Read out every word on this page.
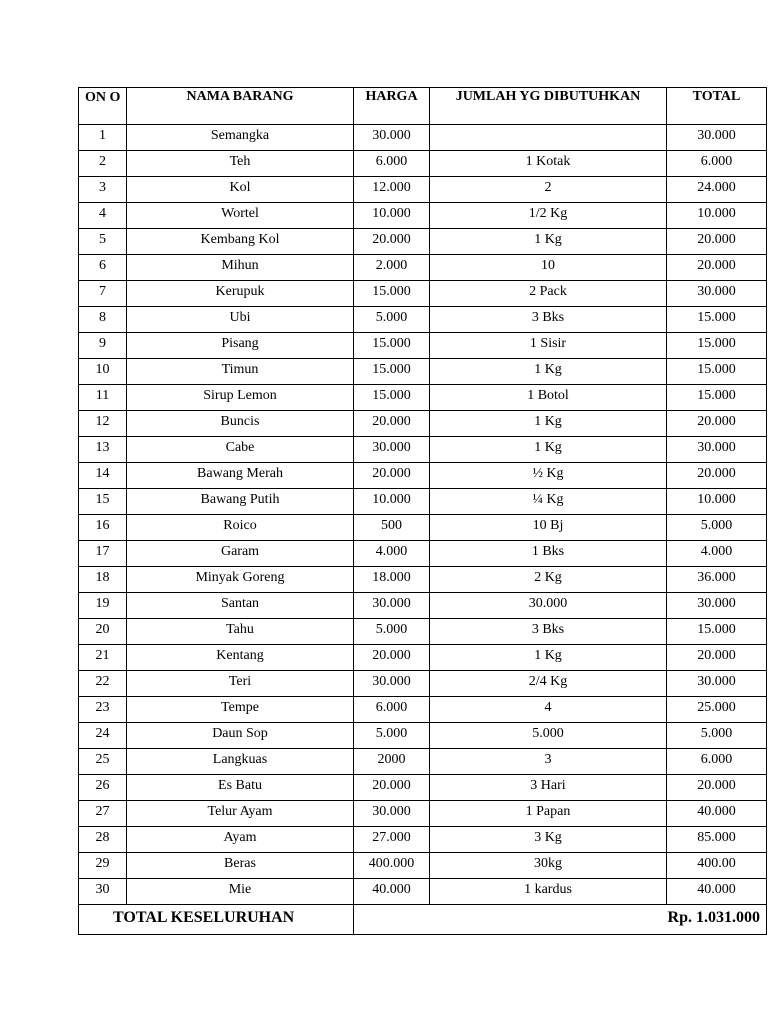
ON O	NAMA BARANG	HARGA	JUMLAH YG DIBUTUHKAN	TOTAL
1	Semangka	30.000		30.000
2	Teh	6.000	1 Kotak	6.000
3	Kol	12.000	2	24.000
4	Wortel	10.000	1/2 Kg	10.000
5	Kembang Kol	20.000	1 Kg	20.000
6	Mihun	2.000	10	20.000
7	Kerupuk	15.000	2 Pack	30.000
8	Ubi	5.000	3 Bks	15.000
9	Pisang	15.000	1 Sisir	15.000
10	Timun	15.000	1 Kg	15.000
11	Sirup Lemon	15.000	1 Botol	15.000
12	Buncis	20.000	1 Kg	20.000
13	Cabe	30.000	1 Kg	30.000
14	Bawang Merah	20.000	½ Kg	20.000
15	Bawang Putih	10.000	¼ Kg	10.000
16	Roico	500	10 Bj	5.000
17	Garam	4.000	1 Bks	4.000
18	Minyak Goreng	18.000	2 Kg	36.000
19	Santan	30.000	30.000	30.000
20	Tahu	5.000	3 Bks	15.000
21	Kentang	20.000	1 Kg	20.000
22	Teri	30.000	2/4 Kg	30.000
23	Tempe	6.000	4	25.000
24	Daun Sop	5.000	5.000	5.000
25	Langkuas	2000	3	6.000
26	Es Batu	20.000	3 Hari	20.000
27	Telur Ayam	30.000	1 Papan	40.000
28	Ayam	27.000	3 Kg	85.000
29	Beras	400.000	30kg	400.00
30	Mie	40.000	1 kardus	40.000
TOTAL KESELURUHAN		Rp. 1.031.000		
